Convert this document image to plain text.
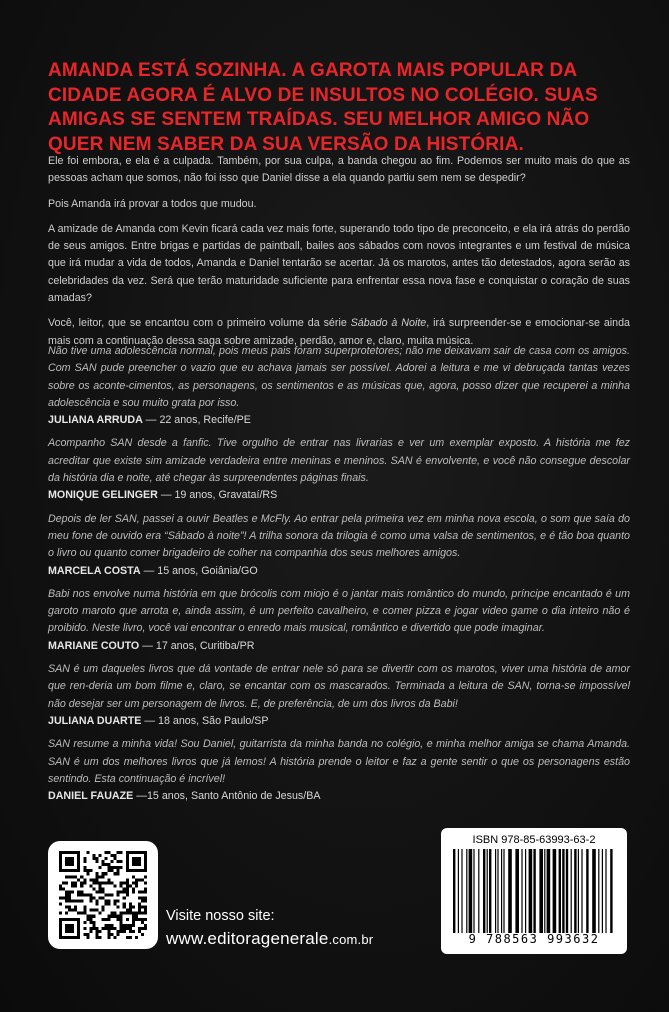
AMANDA ESTÁ SOZINHA. A GAROTA MAIS POPULAR DA CIDADE AGORA É ALVO DE INSULTOS NO COLÉGIO. SUAS AMIGAS SE SENTEM TRAÍDAS. SEU MELHOR AMIGO NÃO QUER NEM SABER DA SUA VERSÃO DA HISTÓRIA.

Ele foi embora, e ela é a culpada. Também, por sua culpa, a banda chegou ao fim. Podemos ser muito mais do que as pessoas acham que somos, não foi isso que Daniel disse a ela quando partiu sem nem se despedir?

Pois Amanda irá provar a todos que mudou.

A amizade de Amanda com Kevin ficará cada vez mais forte, superando todo tipo de preconceito, e ela irá atrás do perdão de seus amigos. Entre brigas e partidas de paintball, bailes aos sábados com novos integrantes e um festival de música que irá mudar a vida de todos, Amanda e Daniel tentarão se acertar. Já os marotos, antes tão detestados, agora serão as celebridades da vez. Será que terão maturidade suficiente para enfrentar essa nova fase e conquistar o coração de suas amadas?

Você, leitor, que se encantou com o primeiro volume da série Sábado à Noite, irá surpreender-se e emocionar-se ainda mais com a continuação dessa saga sobre amizade, perdão, amor e, claro, muita música.

Não tive uma adolescência normal, pois meus pais foram superprotetores; não me deixavam sair de casa com os amigos. Com SAN pude preencher o vazio que eu achava jamais ser possível. Adorei a leitura e me vi debruçada tantas vezes sobre os aconte-cimentos, as personagens, os sentimentos e as músicas que, agora, posso dizer que recuperei a minha adolescência e sou muito grata por isso.
JULIANA ARRUDA — 22 anos, Recife/PE
Acompanho SAN desde a fanfic. Tive orgulho de entrar nas livrarias e ver um exemplar exposto. A história me fez acreditar que existe sim amizade verdadeira entre meninas e meninos. SAN é envolvente, e você não consegue descolar da história dia e noite, até chegar às surpreendentes páginas finais.
MONIQUE GELINGER — 19 anos, Gravataí/RS
Depois de ler SAN, passei a ouvir Beatles e McFly. Ao entrar pela primeira vez em minha nova escola, o som que saía do meu fone de ouvido era “Sábado à noite”! A trilha sonora da trilogia é como uma valsa de sentimentos, e é tão boa quanto o livro ou quanto comer brigadeiro de colher na companhia dos seus melhores amigos.
MARCELA COSTA — 15 anos, Goiânia/GO
Babi nos envolve numa história em que brócolis com miojo é o jantar mais romântico do mundo, príncipe encantado é um garoto maroto que arrota e, ainda assim, é um perfeito cavalheiro, e comer pizza e jogar video game o dia inteiro não é proibido. Neste livro, você vai encontrar o enredo mais musical, romântico e divertido que pode imaginar.
MARIANE COUTO — 17 anos, Curitiba/PR
SAN é um daqueles livros que dá vontade de entrar nele só para se divertir com os marotos, viver uma história de amor que ren-deria um bom filme e, claro, se encantar com os mascarados. Terminada a leitura de SAN, torna-se impossível não desejar ser um personagem de livros. E, de preferência, de um dos livros da Babi!
JULIANA DUARTE — 18 anos, São Paulo/SP
SAN resume a minha vida! Sou Daniel, guitarrista da minha banda no colégio, e minha melhor amiga se chama Amanda. SAN é um dos melhores livros que já lemos! A história prende o leitor e faz a gente sentir o que os personagens estão sentindo. Esta continuação é incrível!
DANIEL FAUAZE —15 anos, Santo Antônio de Jesus/BA
Visite nosso site:
www.editoragenerale.com.br
ISBN 978-85-63993-63-2
9 788563 993632
